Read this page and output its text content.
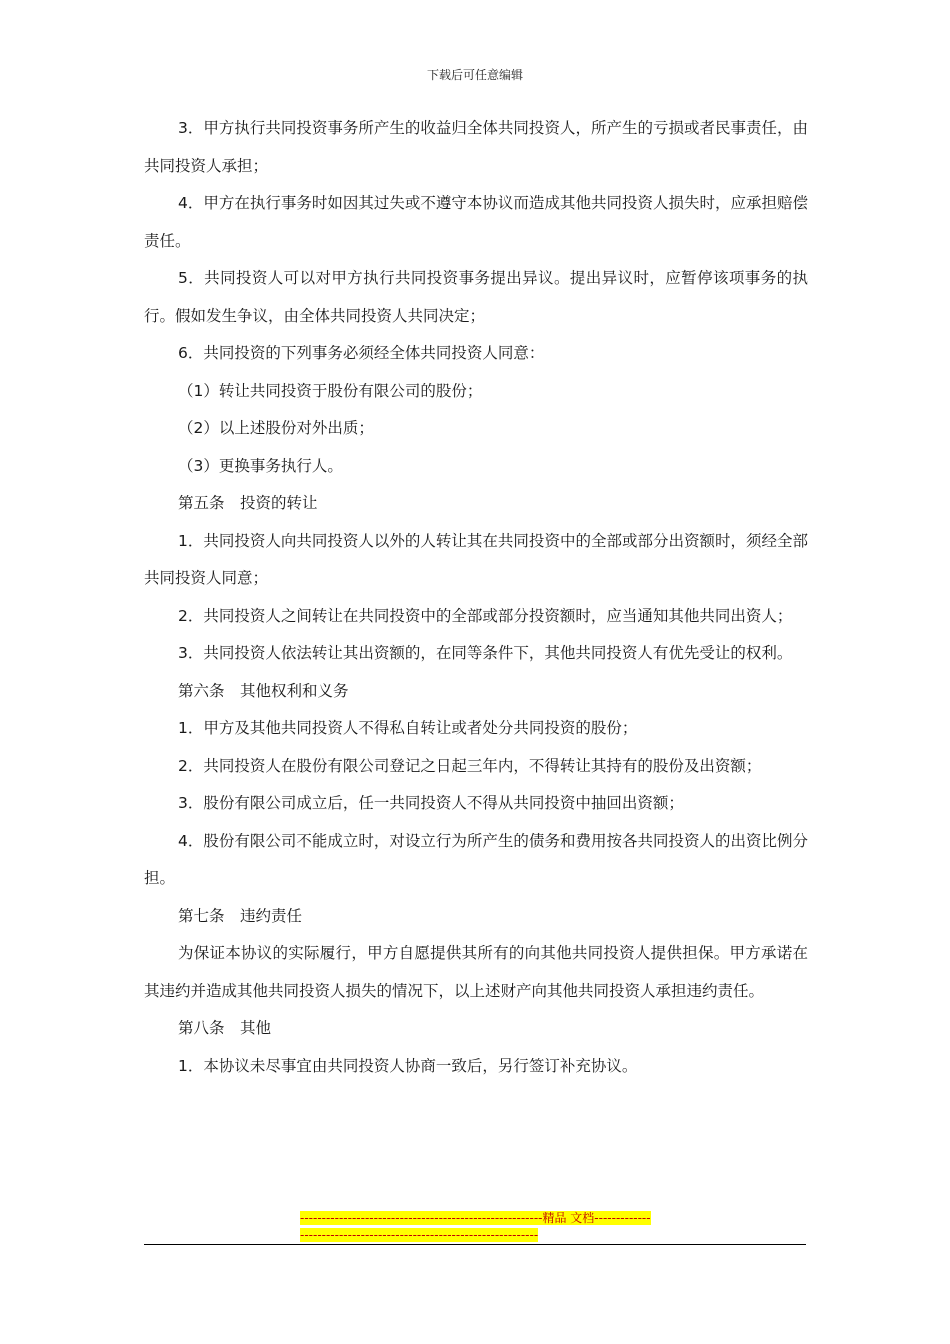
下载后可任意编辑

3．甲方执行共同投资事务所产生的收益归全体共同投资人，所产生的亏损或者民事责任，由共同投资人承担；

4．甲方在执行事务时如因其过失或不遵守本协议而造成其他共同投资人损失时，应承担赔偿责任。

5．共同投资人可以对甲方执行共同投资事务提出异议。提出异议时，应暂停该项事务的执行。假如发生争议，由全体共同投资人共同决定；

6．共同投资的下列事务必须经全体共同投资人同意：

（1）转让共同投资于股份有限公司的股份；

（2）以上述股份对外出质；

（3）更换事务执行人。

第五条　投资的转让

1．共同投资人向共同投资人以外的人转让其在共同投资中的全部或部分出资额时，须经全部共同投资人同意；

2．共同投资人之间转让在共同投资中的全部或部分投资额时，应当通知其他共同出资人；

3．共同投资人依法转让其出资额的，在同等条件下，其他共同投资人有优先受让的权利。

第六条　其他权利和义务

1．甲方及其他共同投资人不得私自转让或者处分共同投资的股份；

2．共同投资人在股份有限公司登记之日起三年内，不得转让其持有的股份及出资额；

3．股份有限公司成立后，任一共同投资人不得从共同投资中抽回出资额；

4．股份有限公司不能成立时，对设立行为所产生的债务和费用按各共同投资人的出资比例分担。

第七条　违约责任

为保证本协议的实际履行，甲方自愿提供其所有的向其他共同投资人提供担保。甲方承诺在其违约并造成其他共同投资人损失的情况下，以上述财产向其他共同投资人承担违约责任。

第八条　其他

1．本协议未尽事宜由共同投资人协商一致后，另行签订补充协议。

--------------------------------------------------------精品 文档--------------------------------------------------------------------
